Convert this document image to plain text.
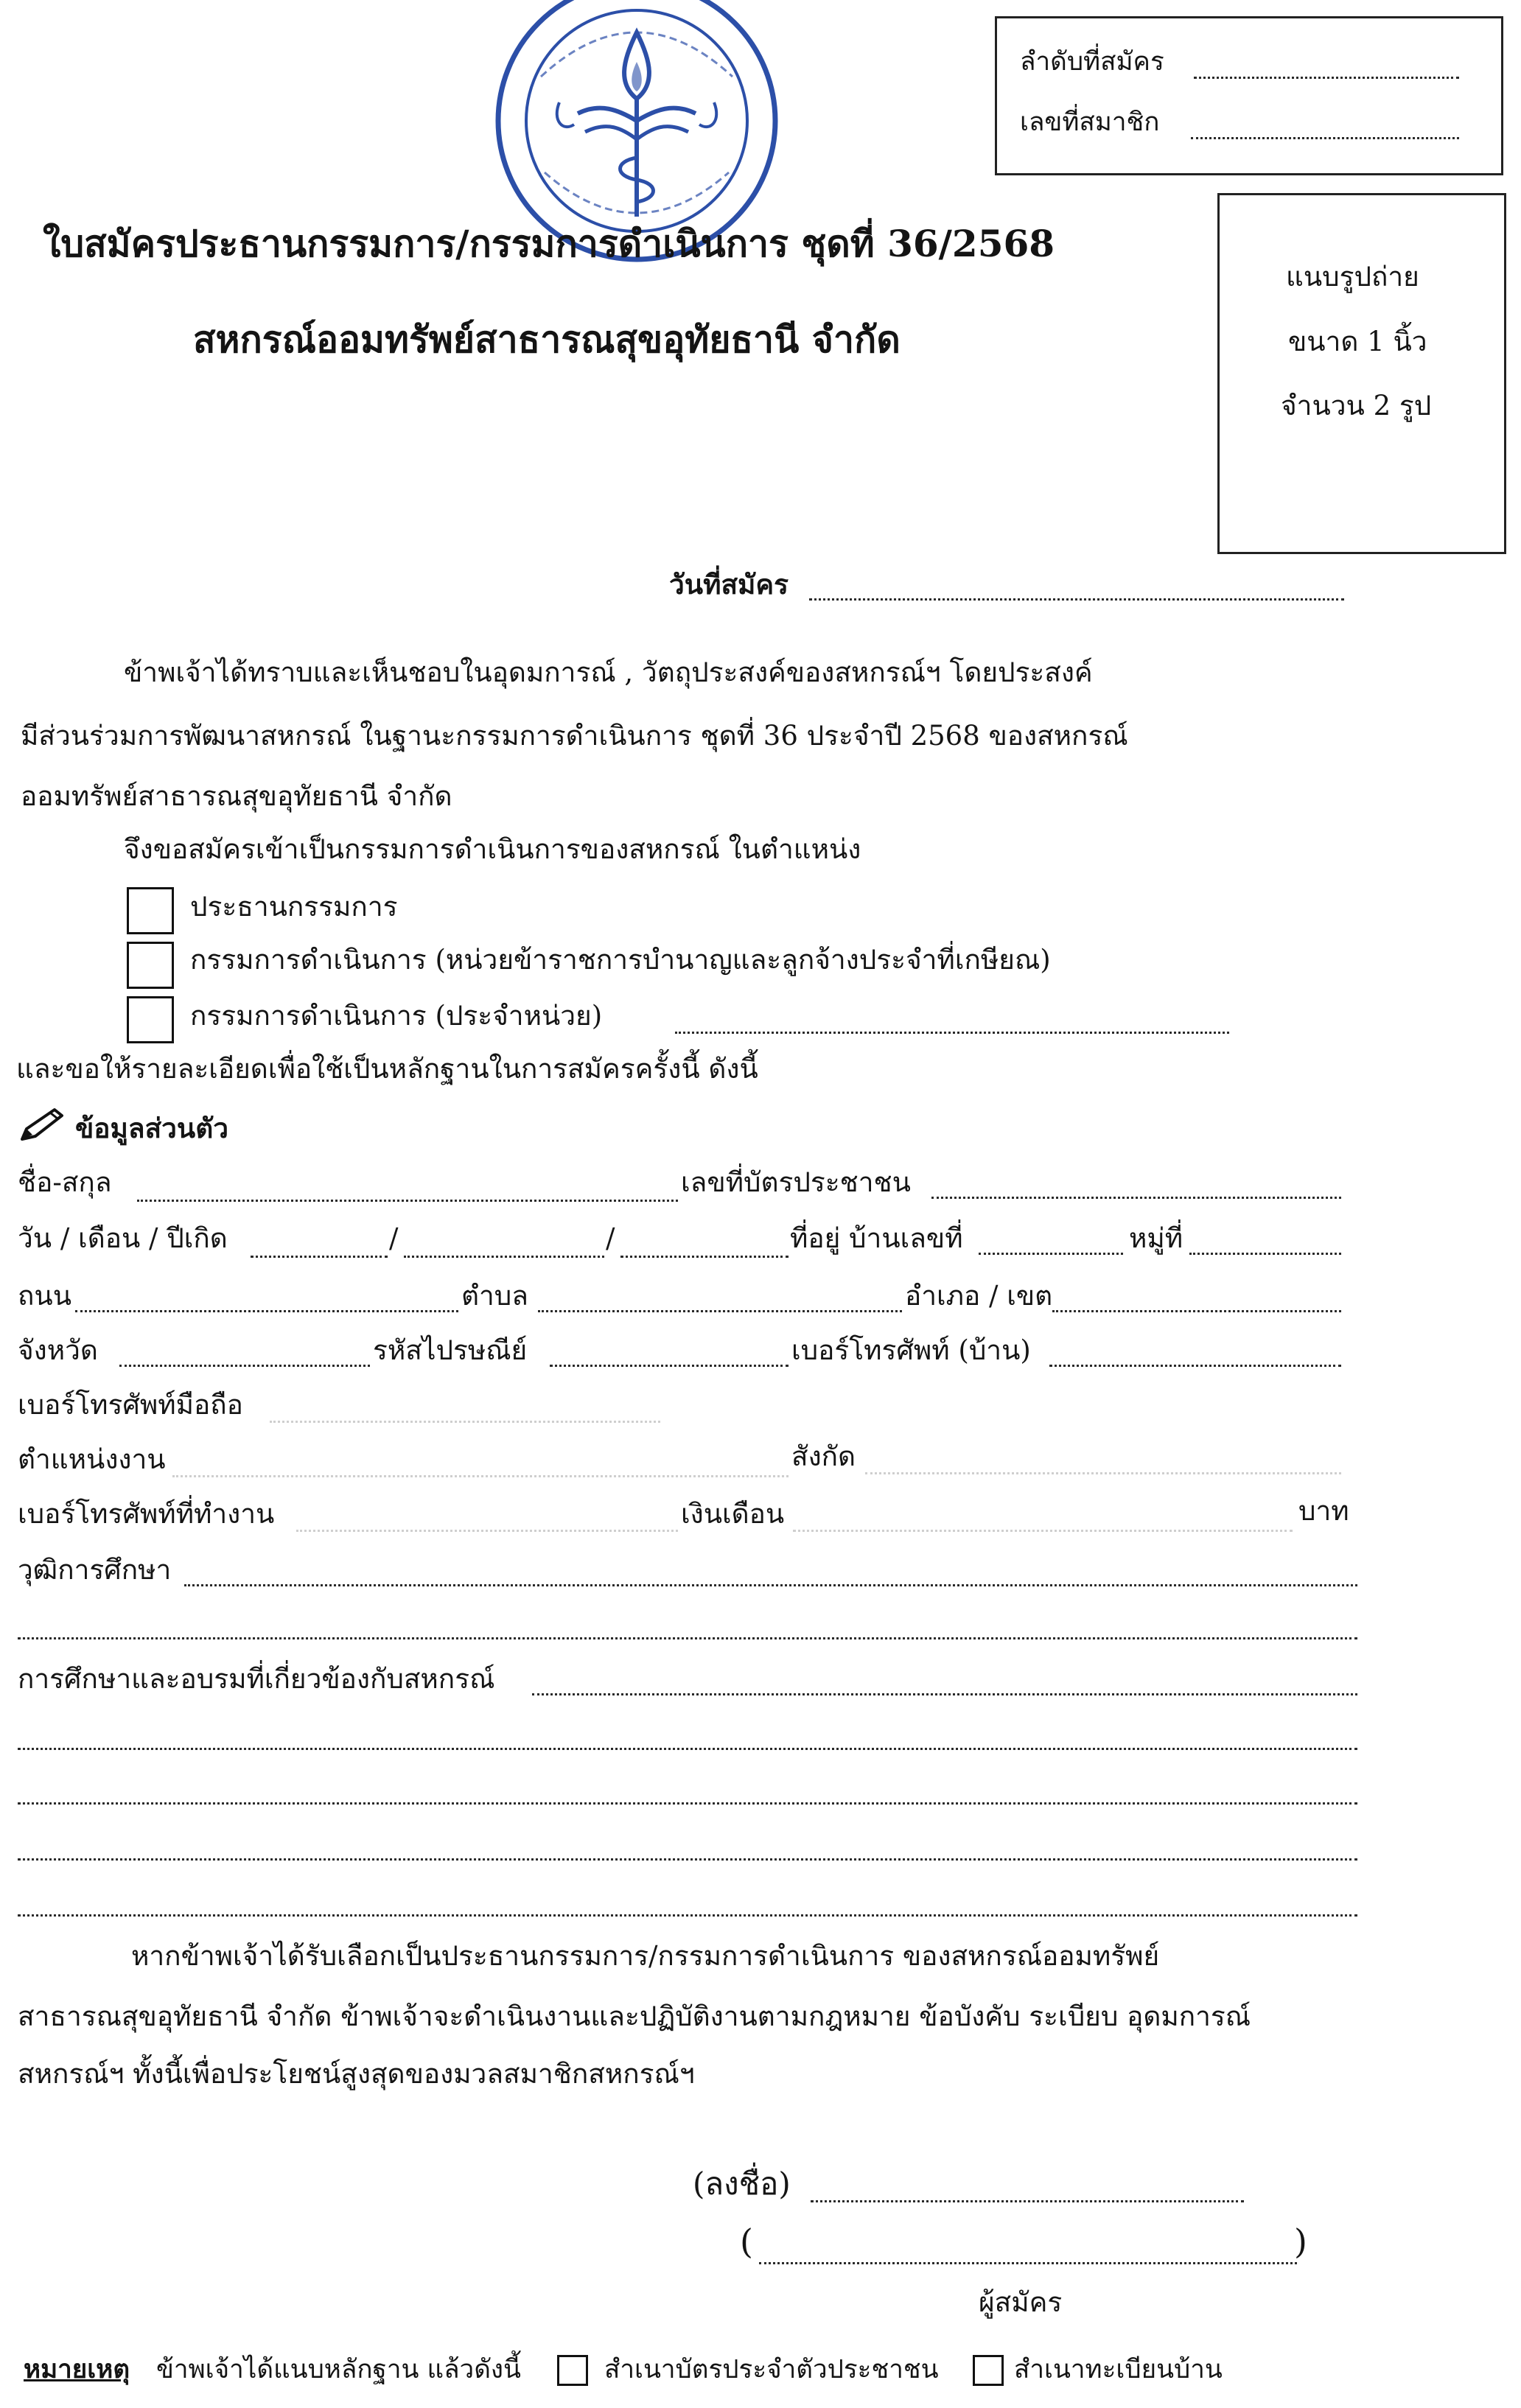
ลำดับที่สมัคร
เลขที่สมาชิก
แนบรูปถ่าย
ขนาด 1 นิ้ว
จำนวน 2 รูป
ใบสมัครประธานกรรมการ/กรรมการดำเนินการ ชุดที่ 36/2568
สหกรณ์ออมทรัพย์สาธารณสุขอุทัยธานี จำกัด
วันที่สมัคร
ข้าพเจ้าได้ทราบและเห็นชอบในอุดมการณ์ , วัตถุประสงค์ของสหกรณ์ฯ โดยประสงค์
มีส่วนร่วมการพัฒนาสหกรณ์ ในฐานะกรรมการดำเนินการ ชุดที่ 36 ประจำปี 2568 ของสหกรณ์
ออมทรัพย์สาธารณสุขอุทัยธานี จำกัด
จึงขอสมัครเข้าเป็นกรรมการดำเนินการของสหกรณ์ ในตำแหน่ง
ประธานกรรมการ
กรรมการดำเนินการ (หน่วยข้าราชการบำนาญและลูกจ้างประจำที่เกษียณ)
กรรมการดำเนินการ (ประจำหน่วย)
และขอให้รายละเอียดเพื่อใช้เป็นหลักฐานในการสมัครครั้งนี้ ดังนี้
ข้อมูลส่วนตัว
ชื่อ-สกุล	เลขที่บัตรประชาชน
วัน / เดือน / ปีเกิด	/	/	ที่อยู่ บ้านเลขที่	หมู่ที่
ถนน	ตำบล	อำเภอ / เขต
จังหวัด	รหัสไปรษณีย์	เบอร์โทรศัพท์ (บ้าน)
เบอร์โทรศัพท์มือถือ
ตำแหน่งงาน	สังกัด
เบอร์โทรศัพท์ที่ทำงาน	เงินเดือน	บาท
วุฒิการศึกษา
การศึกษาและอบรมที่เกี่ยวข้องกับสหกรณ์
หากข้าพเจ้าได้รับเลือกเป็นประธานกรรมการ/กรรมการดำเนินการ ของสหกรณ์ออมทรัพย์
สาธารณสุขอุทัยธานี จำกัด ข้าพเจ้าจะดำเนินงานและปฏิบัติงานตามกฎหมาย ข้อบังคับ ระเบียบ อุดมการณ์
สหกรณ์ฯ ทั้งนี้เพื่อประโยชน์สูงสุดของมวลสมาชิกสหกรณ์ฯ
(ลงชื่อ)
(	)
ผู้สมัคร
หมายเหตุ ข้าพเจ้าได้แนบหลักฐาน แล้วดังนี้	สำเนาบัตรประจำตัวประชาชน	สำเนาทะเบียนบ้าน
